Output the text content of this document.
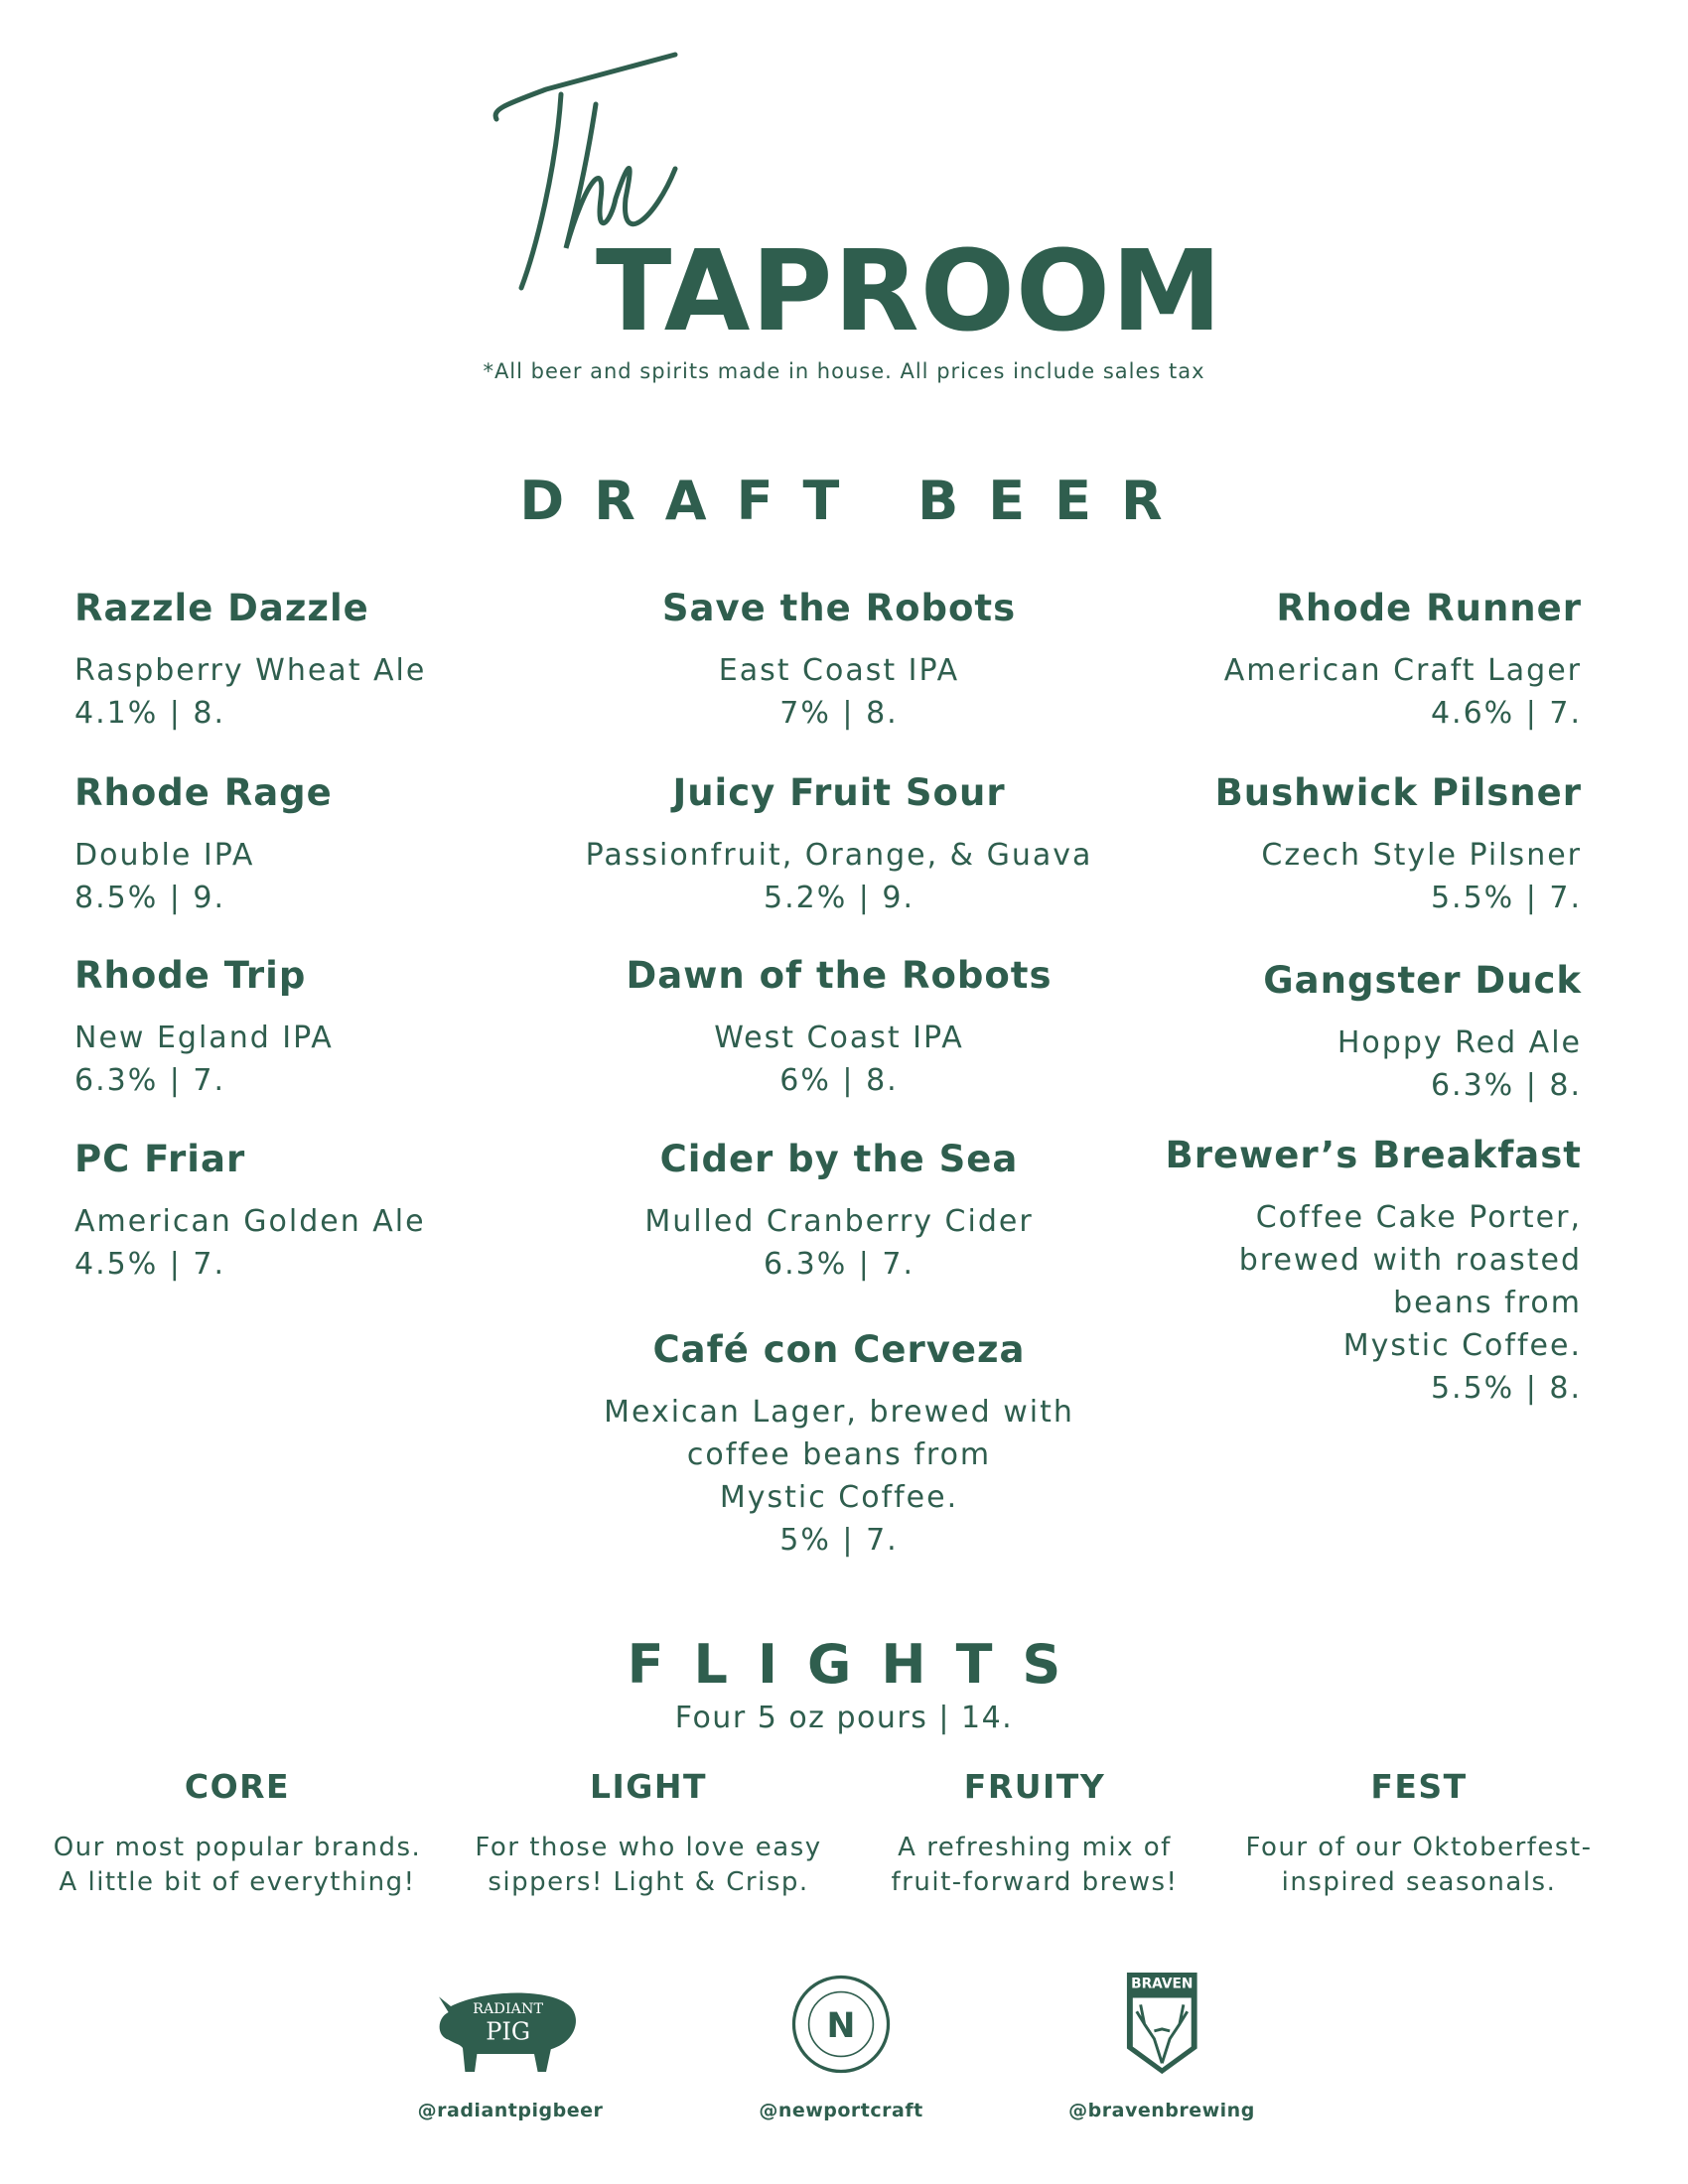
TAPROOM
*All beer and spirits made in house. All prices include sales tax
DRAFT BEER
Razzle Dazzle
Raspberry Wheat Ale
4.1% | 8.
Rhode Rage
Double IPA
8.5% | 9.
Rhode Trip
New Egland IPA
6.3% | 7.
PC Friar
American Golden Ale
4.5% | 7.
Save the Robots
East Coast IPA
7% | 8.
Juicy Fruit Sour
Passionfruit, Orange, & Guava
5.2% | 9.
Dawn of the Robots
West Coast IPA
6% | 8.
Cider by the Sea
Mulled Cranberry Cider
6.3% | 7.
Café con Cerveza
Mexican Lager, brewed with
coffee beans from
Mystic Coffee.
5% | 7.
Rhode Runner
American Craft Lager
4.6% | 7.
Bushwick Pilsner
Czech Style Pilsner
5.5% | 7.
Gangster Duck
Hoppy Red Ale
6.3% | 8.
Brewer’s Breakfast
Coffee Cake Porter,
brewed with roasted
beans from
Mystic Coffee.
5.5% | 8.
FLIGHTS
Four 5 oz pours | 14.
CORE
Our most popular brands.
A little bit of everything!
LIGHT
For those who love easy
sippers! Light & Crisp.
FRUITY
A refreshing mix of
fruit-forward brews!
FEST
Four of our Oktoberfest-
inspired seasonals.
RADIANT
PIG
@radiantpigbeer
N
@newportcraft
BRAVEN
@bravenbrewing
